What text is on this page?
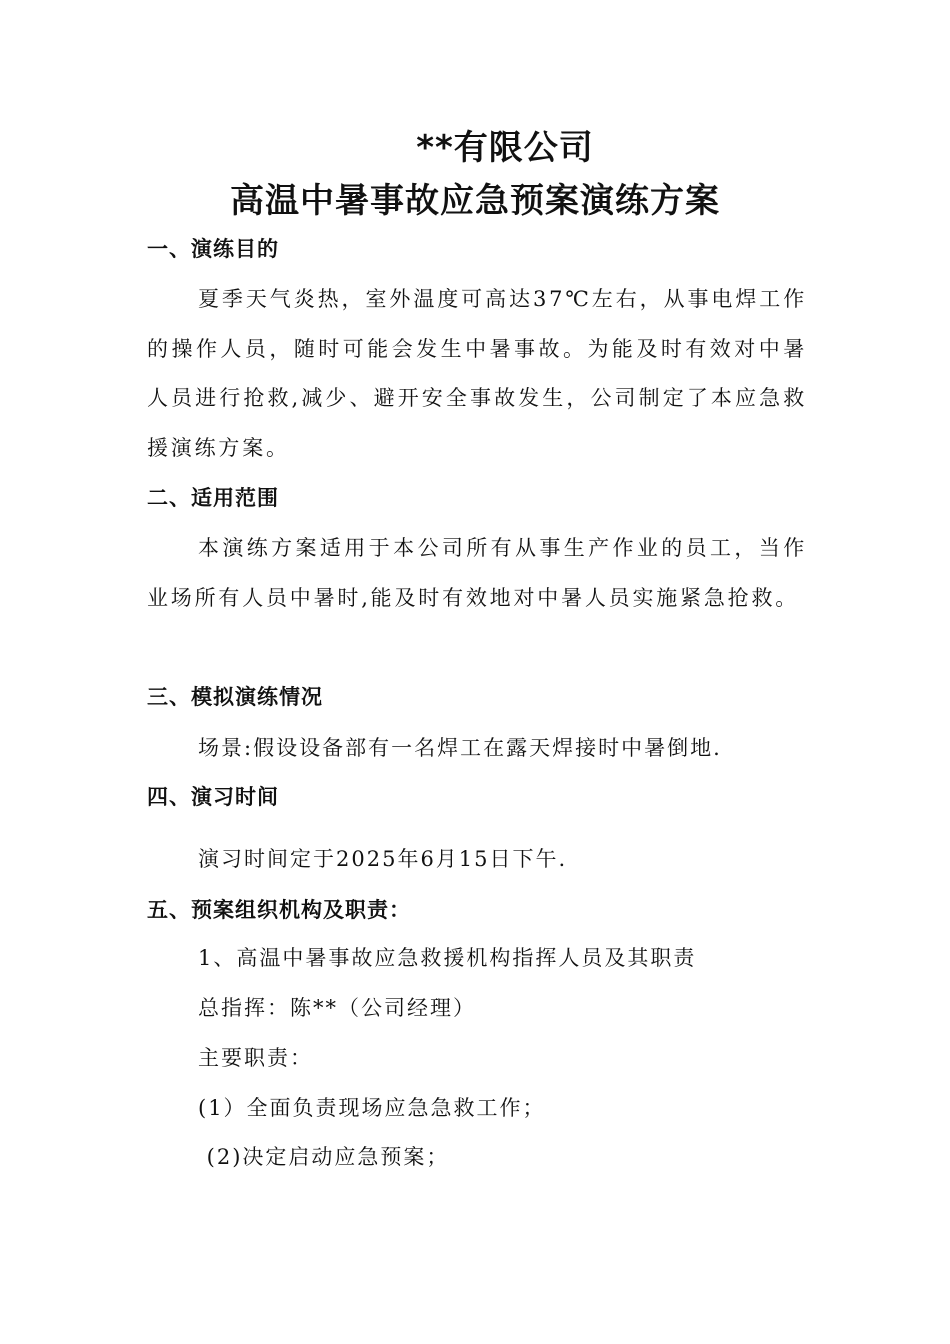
**有限公司
高温中暑事故应急预案演练方案
一、演练目的
夏季天气炎热，室外温度可高达37℃左右，从事电焊工作的操作人员，随时可能会发生中暑事故。为能及时有效对中暑人员进行抢救,减少、避开安全事故发生，公司制定了本应急救援演练方案。
二、适用范围
本演练方案适用于本公司所有从事生产作业的员工，当作业场所有人员中暑时,能及时有效地对中暑人员实施紧急抢救。
三、模拟演练情况
场景:假设设备部有一名焊工在露天焊接时中暑倒地.
四、演习时间
演习时间定于2025年6月15日下午.
五、预案组织机构及职责：
1、高温中暑事故应急救援机构指挥人员及其职责
总指挥：陈**（公司经理）
主要职责：
(1）全面负责现场应急急救工作；
(2)决定启动应急预案；
